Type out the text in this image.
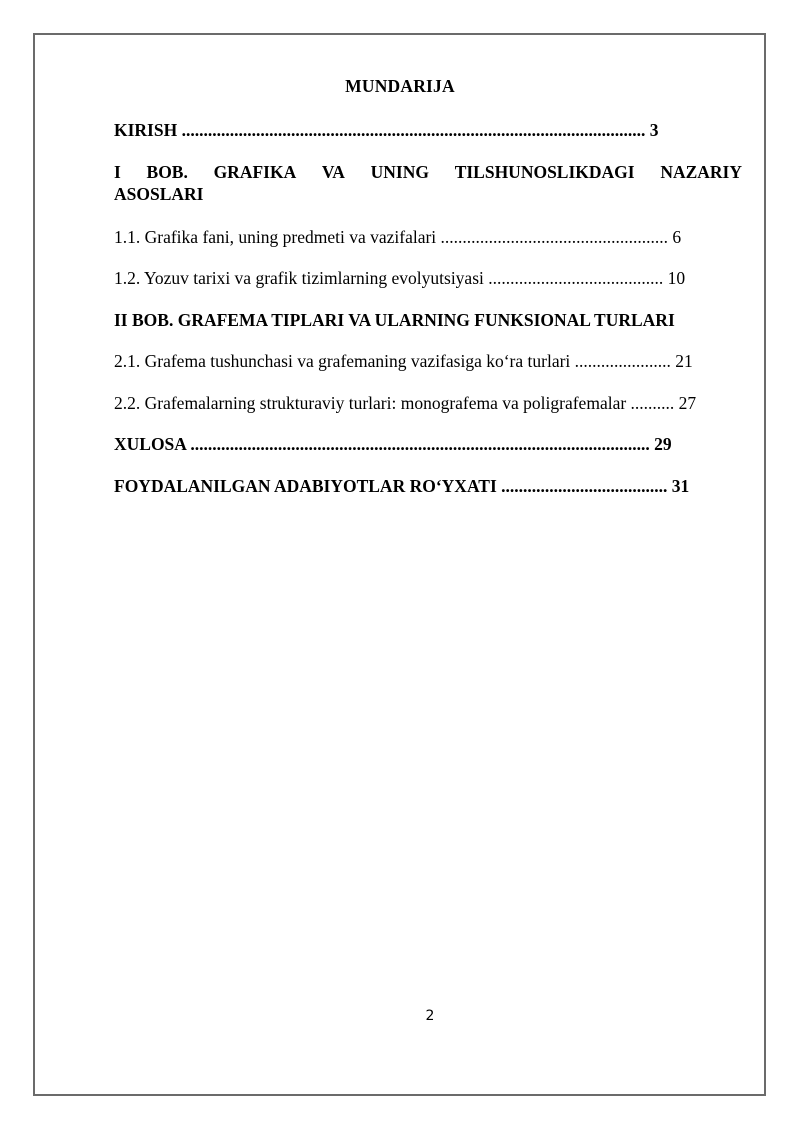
MUNDARIJA
KIRISH .......................................................................................................... 3
I BOB. GRAFIKA VA UNING TILSHUNOSLIKDAGI NAZARIY
ASOSLARI
1.1. Grafika fani, uning predmeti va vazifalari .................................................... 6
1.2. Yozuv tarixi va grafik tizimlarning evolyutsiyasi ........................................ 10
II BOB. GRAFEMA TIPLARI VA ULARNING FUNKSIONAL TURLARI
2.1. Grafema tushunchasi va grafemaning vazifasiga ko‘ra turlari ...................... 21
2.2. Grafemalarning strukturaviy turlari: monografema va poligrafemalar .......... 27
XULOSA ......................................................................................................... 29
FOYDALANILGAN ADABIYOTLAR RO‘YXATI ...................................... 31
2
